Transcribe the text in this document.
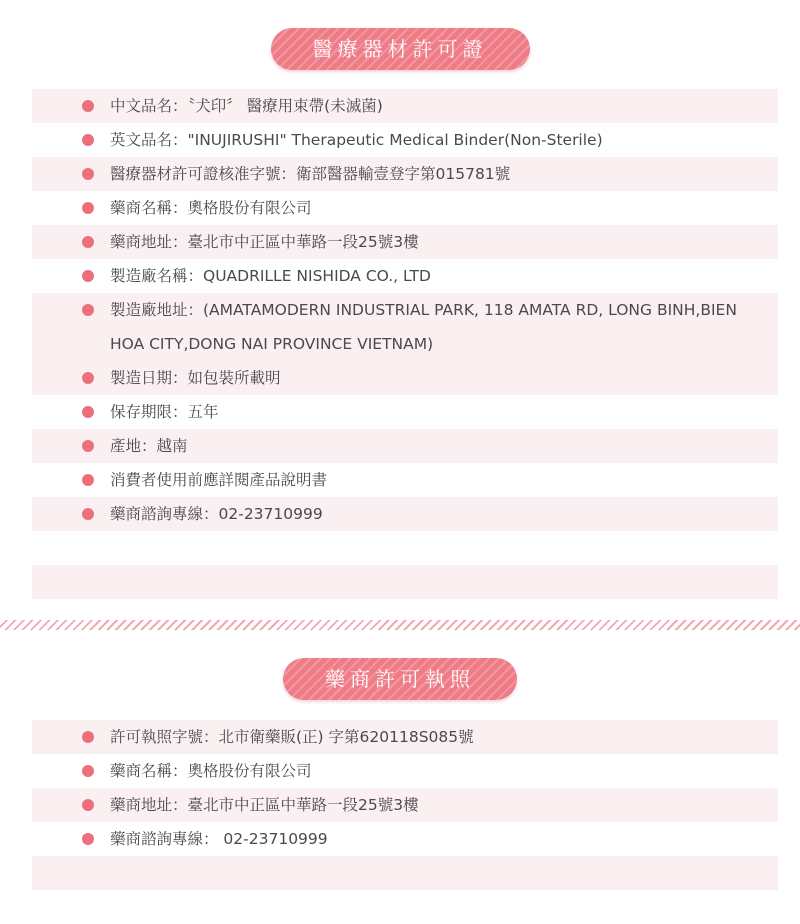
醫療器材許可證
中文品名：〝犬印〞 醫療用束帶(未滅菌)
英文品名："INUJIRUSHI" Therapeutic Medical Binder(Non-Sterile)
醫療器材許可證核准字號：衛部醫器輸壹登字第015781號
藥商名稱：奧格股份有限公司
藥商地址：臺北市中正區中華路一段25號3樓
製造廠名稱：QUADRILLE NISHIDA CO., LTD
製造廠地址：(AMATAMODERN INDUSTRIAL PARK, 118 AMATA RD, LONG BINH,BIEN HOA CITY,DONG NAI PROVINCE VIETNAM)
製造日期：如包裝所載明
保存期限：五年
產地：越南
消費者使用前應詳閱產品說明書
藥商諮詢專線：02-23710999
藥商許可執照
許可執照字號：北市衛藥販(正) 字第620118S085號
藥商名稱：奧格股份有限公司
藥商地址：臺北市中正區中華路一段25號3樓
藥商諮詢專線： 02-23710999
